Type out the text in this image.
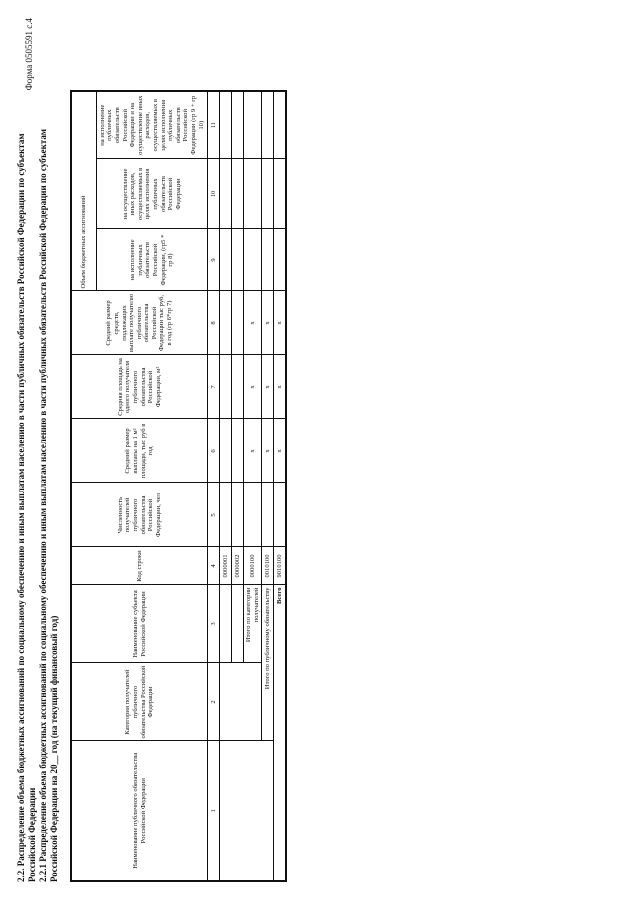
Форма 0505591 с.4
2.2. Распределение объема бюджетных ассигнований по социальному обеспечению и иным выплатам населению в части публичных обязательств Российской Федерации по субъектам Российской Федерации 2.2.1 Распределение объема бюджетных ассигнований по социальному обеспечению и иным выплатам населению в части публичных обязательств Российской Федерации по субъектам Российской Федерации на 20__ год (на текущий финансовый год)	Наименование публичного обязательства Российской Федерации	Категория получателей публичного обязательства Российской Федерации	Наименование субъекта Российской Федерации	Код строки	Численность получателей публичного обязательства Российской Федерации, чел	Средний размер выплаты на 1 м² площади, тыс руб в год	Средняя площадь на одного получателя публичного обязательства Российской Федерации, м²	Средний размер средств, подлежащих выплате получателю публичного обязательства Российской Федерации тыс руб, в год (гр 6*гр 7)	Объем бюджетных ассигнований		
								на исполнение публичных обязательств Российской Федерации, (гр5 * гр 8)	на осуществление иных расходов, осуществляемых в целях исполнения публичных обязательств Российской Федерации	на исполнение публичных обязательств Российской Федерации и на осуществление иных расходов, осуществляемых в целях исполнения публичных обязательств Российской Федерации (гр 9 + гр 10)
1	2	3	4	5	6	7	8	9	10	11
			0000001							
			0000002							
		Итого по категории получателей	0000100		x	x	x			
	Итого по публичному обязательству		0010100		x	x	x			
Всего			9010100		x	x	x			
